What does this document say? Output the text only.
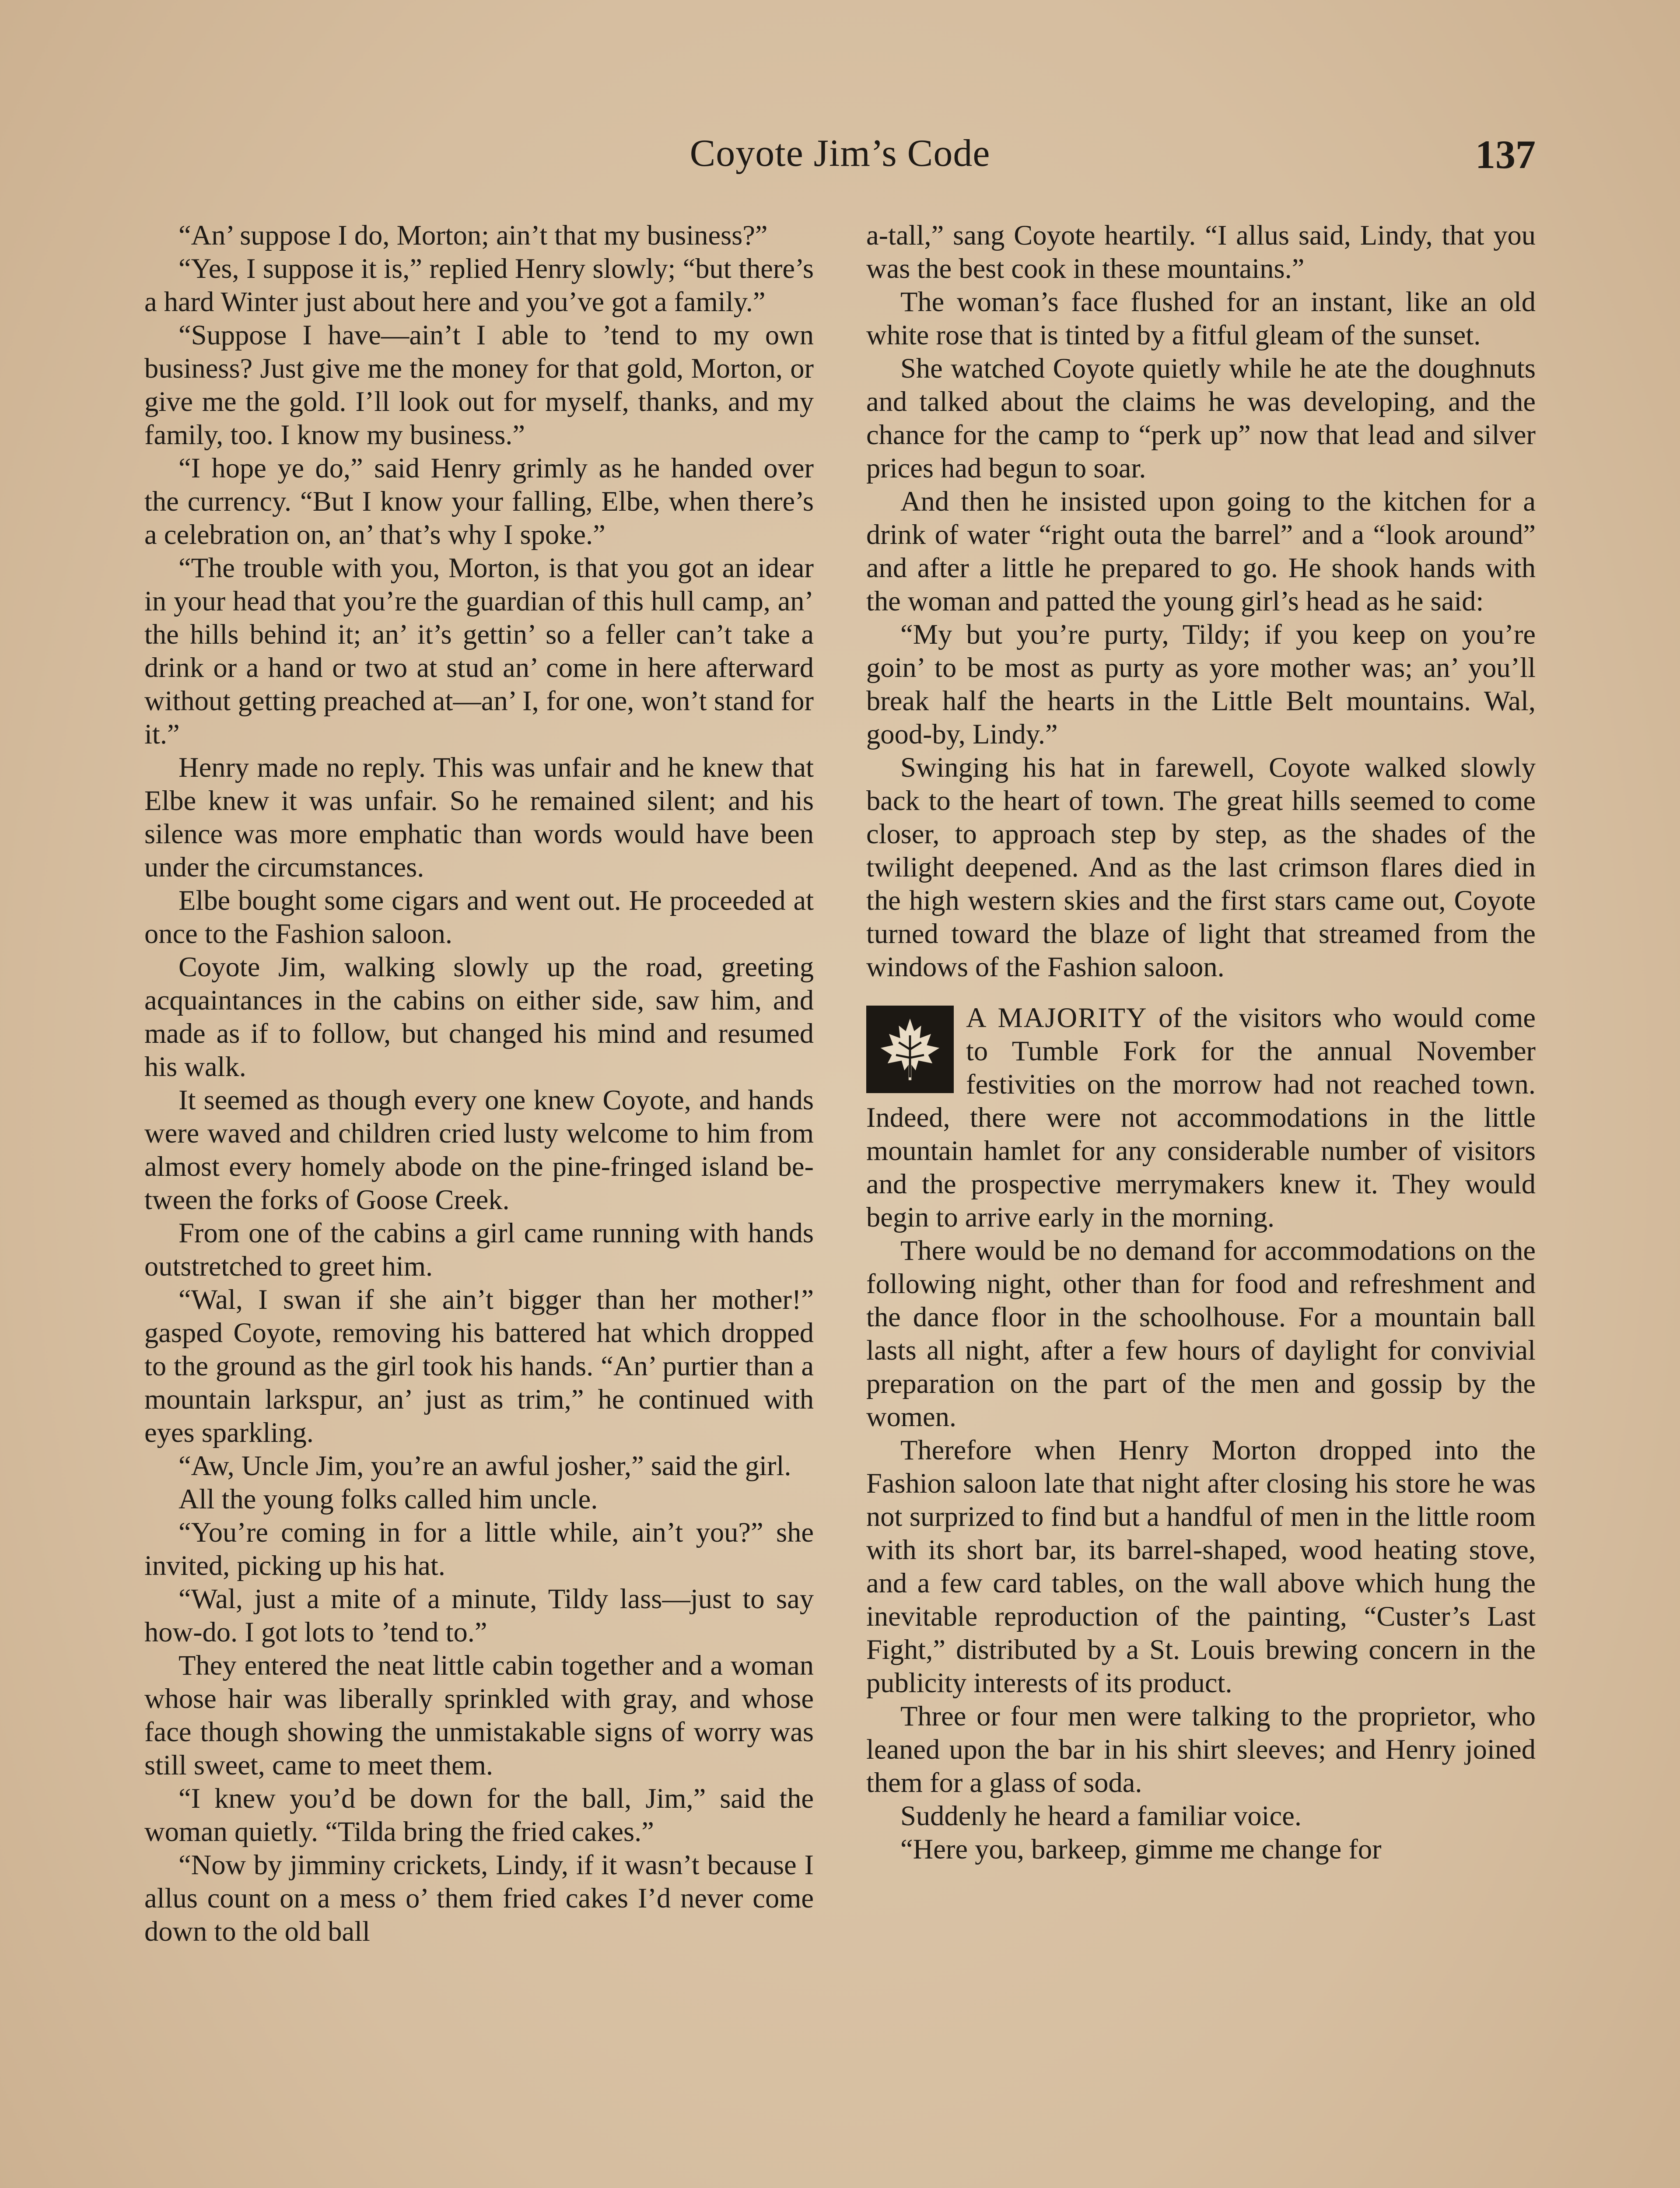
Coyote Jim’s Code	137

“An’ suppose I do, Morton; ain’t that my business?”

“Yes, I suppose it is,” replied Henry slowly; “but there’s a hard Winter just about here and you’ve got a family.”

“Suppose I have—ain’t I able to ’tend to my own business? Just give me the money for that gold, Morton, or give me the gold. I’ll look out for myself, thanks, and my family, too. I know my business.”

“I hope ye do,” said Henry grimly as he handed over the currency. “But I know your falling, Elbe, when there’s a celebration on, an’ that’s why I spoke.”

“The trouble with you, Morton, is that you got an idear in your head that you’re the guardian of this hull camp, an’ the hills behind it; an’ it’s gettin’ so a feller can’t take a drink or a hand or two at stud an’ come in here afterward without getting preached at—an’ I, for one, won’t stand for it.”

Henry made no reply. This was unfair and he knew that Elbe knew it was unfair. So he remained silent; and his silence was more emphatic than words would have been under the circumstances.

Elbe bought some cigars and went out. He proceeded at once to the Fashion saloon.

Coyote Jim, walking slowly up the road, greeting acquaintances in the cabins on either side, saw him, and made as if to follow, but changed his mind and resumed his walk.

It seemed as though every one knew Coyote, and hands were waved and children cried lusty welcome to him from almost every homely abode on the pine-fringed island between the forks of Goose Creek.

From one of the cabins a girl came running with hands outstretched to greet him.

“Wal, I swan if she ain’t bigger than her mother!” gasped Coyote, removing his battered hat which dropped to the ground as the girl took his hands. “An’ purtier than a mountain larkspur, an’ just as trim,” he continued with eyes sparkling.

“Aw, Uncle Jim, you’re an awful josher,” said the girl.

All the young folks called him uncle.

“You’re coming in for a little while, ain’t you?” she invited, picking up his hat.

“Wal, just a mite of a minute, Tildy lass—just to say how-do. I got lots to ’tend to.”

They entered the neat little cabin together and a woman whose hair was liberally sprinkled with gray, and whose face though showing the unmistakable signs of worry was still sweet, came to meet them.

“I knew you’d be down for the ball, Jim,” said the woman quietly. “Tilda bring the fried cakes.”

“Now by jimminy crickets, Lindy, if it wasn’t because I allus count on a mess o’ them fried cakes I’d never come down to the old ball

a-tall,” sang Coyote heartily. “I allus said, Lindy, that you was the best cook in these mountains.”

The woman’s face flushed for an instant, like an old white rose that is tinted by a fitful gleam of the sunset.

She watched Coyote quietly while he ate the doughnuts and talked about the claims he was developing, and the chance for the camp to “perk up” now that lead and silver prices had begun to soar.

And then he insisted upon going to the kitchen for a drink of water “right outa the barrel” and a “look around” and after a little he prepared to go. He shook hands with the woman and patted the young girl’s head as he said:

“My but you’re purty, Tildy; if you keep on you’re goin’ to be most as purty as yore mother was; an’ you’ll break half the hearts in the Little Belt mountains. Wal, good-by, Lindy.”

Swinging his hat in farewell, Coyote walked slowly back to the heart of town. The great hills seemed to come closer, to approach step by step, as the shades of the twilight deepened. And as the last crimson flares died in the high western skies and the first stars came out, Coyote turned toward the blaze of light that streamed from the windows of the Fashion saloon.

A MAJORITY of the visitors who would come to Tumble Fork for the annual November festivities on the morrow had not reached town. Indeed, there were not accommodations in the little mountain hamlet for any considerable number of visitors and the prospective merrymakers knew it. They would begin to arrive early in the morning.

There would be no demand for accommodations on the following night, other than for food and refreshment and the dance floor in the schoolhouse. For a mountain ball lasts all night, after a few hours of daylight for convivial preparation on the part of the men and gossip by the women.

Therefore when Henry Morton dropped into the Fashion saloon late that night after closing his store he was not surprized to find but a handful of men in the little room with its short bar, its barrel-shaped, wood heating stove, and a few card tables, on the wall above which hung the inevitable reproduction of the painting, “Custer’s Last Fight,” distributed by a St. Louis brewing concern in the publicity interests of its product.

Three or four men were talking to the proprietor, who leaned upon the bar in his shirt sleeves; and Henry joined them for a glass of soda.

Suddenly he heard a familiar voice.

“Here you, barkeep, gimme me change for
